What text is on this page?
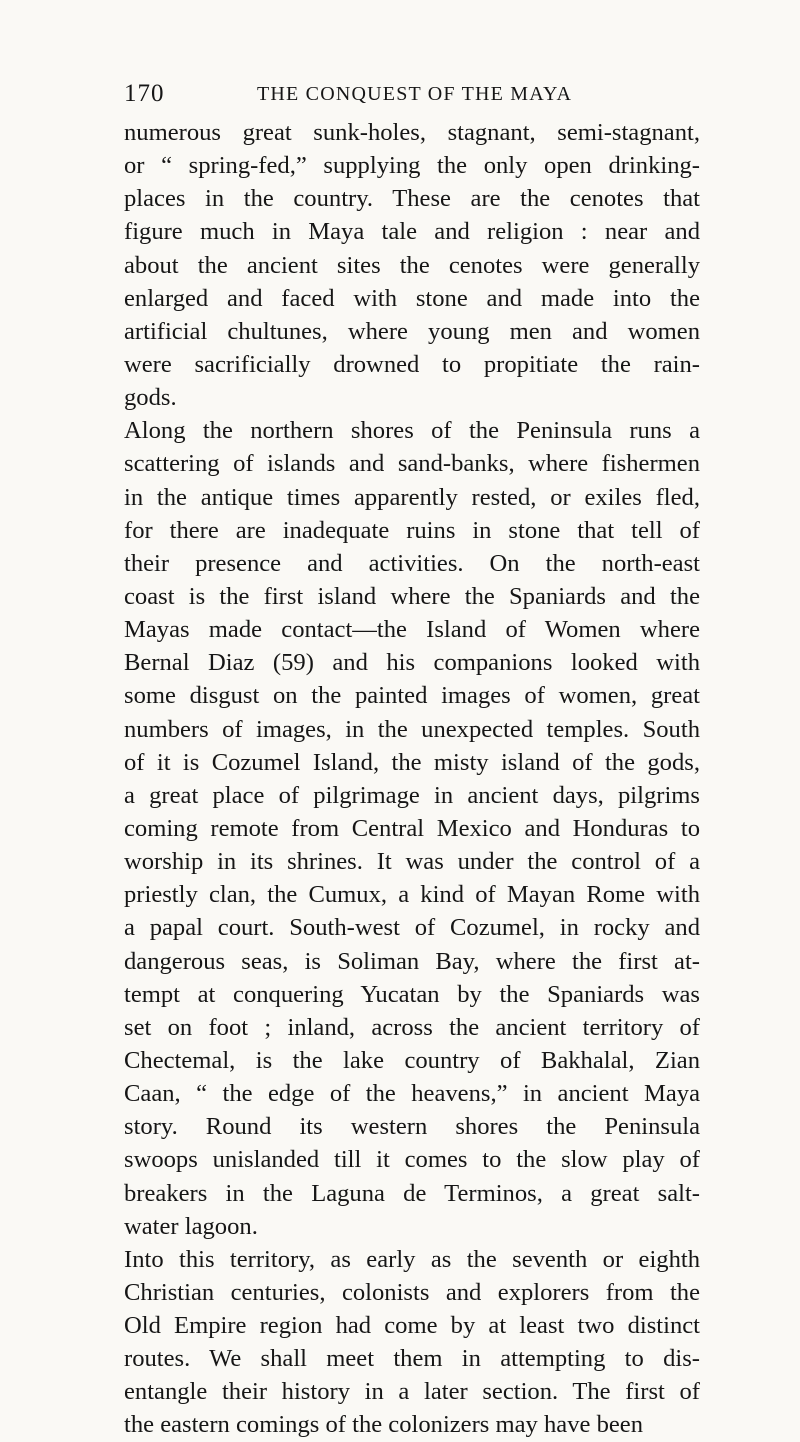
170	THE CONQUEST OF THE MAYA
numerous great sunk-holes, stagnant, semi-stagnant,
or “ spring-fed,” supplying the only open drinking-
places in the country. These are the cenotes that
figure much in Maya tale and religion : near and
about the ancient sites the cenotes were generally
enlarged and faced with stone and made into the
artificial chultunes, where young men and women
were sacrificially drowned to propitiate the rain-
gods.
Along the northern shores of the Peninsula runs a
scattering of islands and sand-banks, where fishermen
in the antique times apparently rested, or exiles fled,
for there are inadequate ruins in stone that tell of
their presence and activities. On the north-east
coast is the first island where the Spaniards and the
Mayas made contact—the Island of Women where
Bernal Diaz (59) and his companions looked with
some disgust on the painted images of women, great
numbers of images, in the unexpected temples. South
of it is Cozumel Island, the misty island of the gods,
a great place of pilgrimage in ancient days, pilgrims
coming remote from Central Mexico and Honduras to
worship in its shrines. It was under the control of a
priestly clan, the Cumux, a kind of Mayan Rome with
a papal court. South-west of Cozumel, in rocky and
dangerous seas, is Soliman Bay, where the first at-
tempt at conquering Yucatan by the Spaniards was
set on foot ; inland, across the ancient territory of
Chectemal, is the lake country of Bakhalal, Zian
Caan, “ the edge of the heavens,” in ancient Maya
story. Round its western shores the Peninsula
swoops unislanded till it comes to the slow play of
breakers in the Laguna de Terminos, a great salt-
water lagoon.
Into this territory, as early as the seventh or eighth
Christian centuries, colonists and explorers from the
Old Empire region had come by at least two distinct
routes. We shall meet them in attempting to dis-
entangle their history in a later section. The first of
the eastern comings of the colonizers may have been
